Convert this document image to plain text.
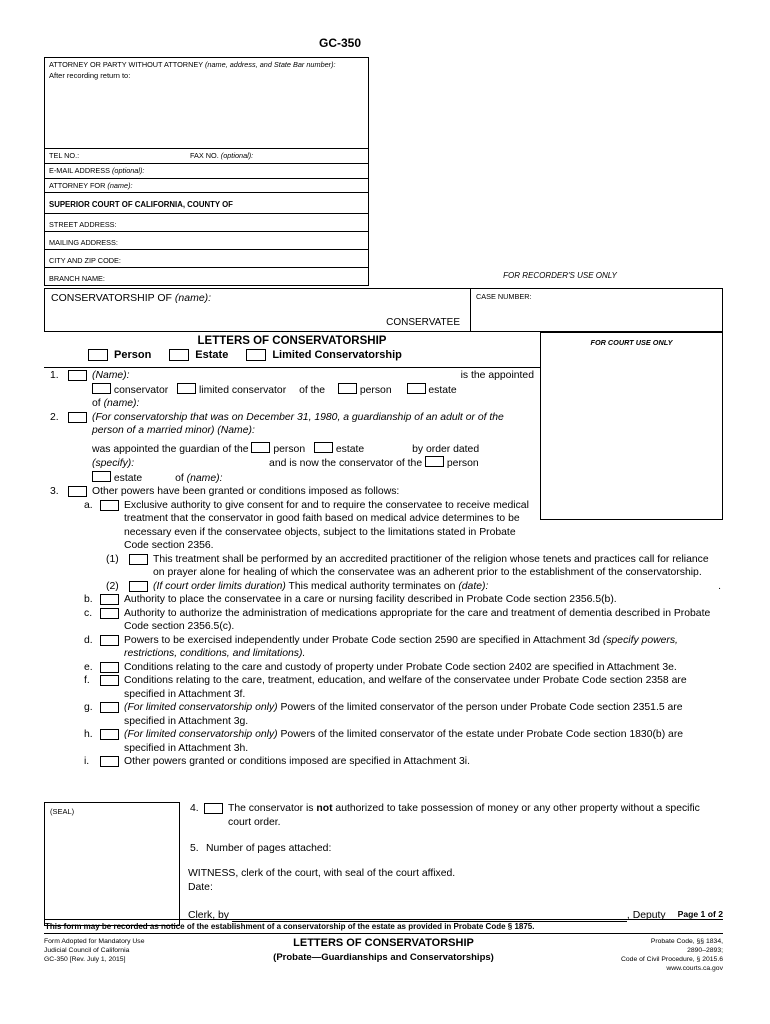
GC-350
ATTORNEY OR PARTY WITHOUT ATTORNEY (name, address, and State Bar number):
After recording return to:
TEL NO.:	FAX NO. (optional):
E-MAIL ADDRESS (optional):
ATTORNEY FOR (name):
SUPERIOR COURT OF CALIFORNIA, COUNTY OF
STREET ADDRESS:
MAILING ADDRESS:
CITY AND ZIP CODE:
BRANCH NAME:	FOR RECORDER'S USE ONLY
CONSERVATORSHIP OF
(name):
CONSERVATEE
CASE NUMBER:
LETTERS OF CONSERVATORSHIP
Person	Estate	Limited Conservatorship
FOR COURT USE ONLY
1.	(Name):	is the appointed
conservator	limited conservator of the	person	estate
of (name):
2.	(For conservatorship that was on December 31, 1980, a guardianship of an adult or of the person of a married minor) (Name):
was appointed the guardian of the person	estate	by order dated
(specify):	and is now the conservator of the person
estate	of (name):
3.	Other powers have been granted or conditions imposed as follows:
a.	Exclusive authority to give consent for and to require the conservatee to receive medical treatment that the conservator in good faith based on medical advice determines to be necessary even if the conservatee objects, subject to the limitations stated in Probate Code section 2356.
(1)	This treatment shall be performed by an accredited practitioner of the religion whose tenets and practices call for reliance on prayer alone for healing of which the conservatee was an adherent prior to the establishment of the conservatorship.
(2)	(If court order limits duration) This medical authority terminates on (date):	.
b.	Authority to place the conservatee in a care or nursing facility described in Probate Code section 2356.5(b).
c.	Authority to authorize the administration of medications appropriate for the care and treatment of dementia described in Probate Code section 2356.5(c).
d.	Powers to be exercised independently under Probate Code section 2590 are specified in Attachment 3d (specify powers, restrictions, conditions, and limitations).
e.	Conditions relating to the care and custody of property under Probate Code section 2402 are specified in Attachment 3e.
f.	Conditions relating to the care, treatment, education, and welfare of the conservatee under Probate Code section 2358 are specified in Attachment 3f.
g.	(For limited conservatorship only) Powers of the limited conservator of the person under Probate Code section 2351.5 are specified in Attachment 3g.
h.	(For limited conservatorship only) Powers of the limited conservator of the estate under Probate Code section 1830(b) are specified in Attachment 3h.
i.	Other powers granted or conditions imposed are specified in Attachment 3i.
(SEAL)	4.	The conservator is not authorized to take possession of money or any other property without a specific court order.
5. Number of pages attached:
WITNESS, clerk of the court, with seal of the court affixed.
Date:
Clerk, by	, Deputy Page 1 of 2
This form may be recorded as notice of the establishment of a conservatorship of the estate as provided in Probate Code § 1875.
Form Adopted for Mandatory Use
Judicial Council of California
GC-350 [Rev. July 1, 2015]
LETTERS OF CONSERVATORSHIP
(Probate—Guardianships and Conservatorships)
Probate Code, §§ 1834,
2890–2893;
Code of Civil Procedure, § 2015.6
www.courts.ca.gov
